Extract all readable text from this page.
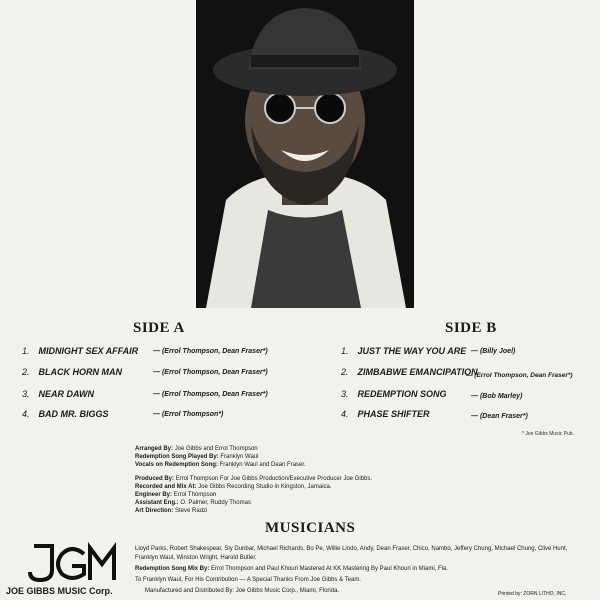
SIDE A
1. MIDNIGHT SEX AFFAIR — (Errol Thompson, Dean Fraser*)
2. BLACK HORN MAN	— (Errol Thompson, Dean Fraser*)
3. NEAR DAWN	— (Errol Thompson, Dean Fraser*)
4. BAD MR. BIGGS	— (Errol Thompson*)
SIDE B
1. JUST THE WAY YOU ARE — (Billy Joel)
2. ZIMBABWE EMANCIPATION
— (Errol Thompson, Dean Fraser*)
3. REDEMPTION SONG	— (Bob Marley)
4. PHASE SHIFTER	— (Dean Fraser*)
* Joe Gibbs Music Pub.
Arranged By: Joe Gibbs and Errol Thompson
Redemption Song Played By: Franklyn Waul
Vocals on Redemption Song: Franklyn Waul and Dean Fraser.
Produced By: Errol Thompson For Joe Gibbs Production/Executive Producer Joe Gibbs.
Recorded and Mix At: Joe Gibbs Recording Studio in Kingston, Jamaica.
Engineer By: Errol Thompson
Assistant Eng.: O. Palmer, Ruddy Thomas
Art Direction: Steve Radzi
MUSICIANS
Lloyd Parks, Robert Shakespear, Sly Dunbar, Michael Richards, Bo Pe, Willie Lindo, Andy, Dean Fraser, Chico, Nambo, Jeffery Chung, Michael Chung, Clive Hunt, Franklyn Waul, Winston Wright, Harold Butler.
Redemption Song Mix By: Errol Thompson and Paul Khouri Mastered At KK Mastering By Paul Khouri in Miami, Fla.
To Franklyn Waul, For His Contribution — A Special Thanks From Joe Gibbs & Team.
Manufactured and Distributed By: Joe Gibbs Music Corp., Miami, Florida.
JGM
JOE GIBBS MUSIC Corp.	Printed by: ZORN LITHO, INC.
